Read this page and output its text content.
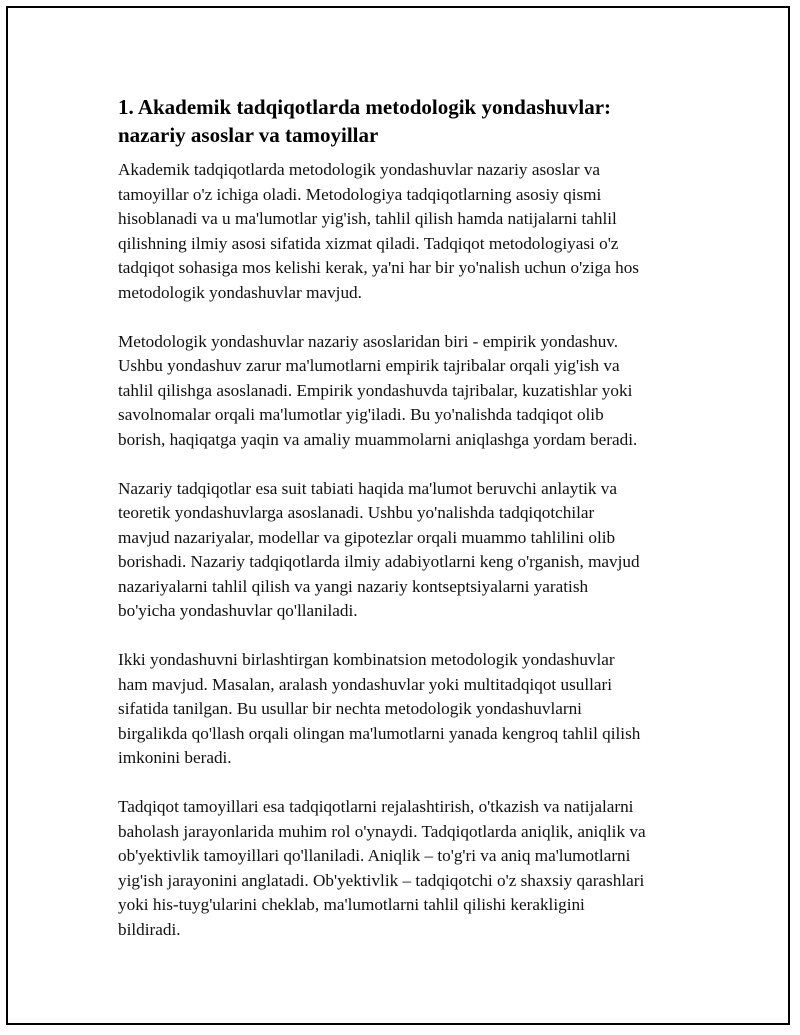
1. Akademik tadqiqotlarda metodologik yondashuvlar:
nazariy asoslar va tamoyillar

Akademik tadqiqotlarda metodologik yondashuvlar nazariy asoslar va
tamoyillar o'z ichiga oladi. Metodologiya tadqiqotlarning asosiy qismi
hisoblanadi va u ma'lumotlar yig'ish, tahlil qilish hamda natijalarni tahlil
qilishning ilmiy asosi sifatida xizmat qiladi. Tadqiqot metodologiyasi o'z
tadqiqot sohasiga mos kelishi kerak, ya'ni har bir yo'nalish uchun o'ziga hos
metodologik yondashuvlar mavjud.

Metodologik yondashuvlar nazariy asoslaridan biri - empirik yondashuv.
Ushbu yondashuv zarur ma'lumotlarni empirik tajribalar orqali yig'ish va
tahlil qilishga asoslanadi. Empirik yondashuvda tajribalar, kuzatishlar yoki
savolnomalar orqali ma'lumotlar yig'iladi. Bu yo'nalishda tadqiqot olib
borish, haqiqatga yaqin va amaliy muammolarni aniqlashga yordam beradi.

Nazariy tadqiqotlar esa suit tabiati haqida ma'lumot beruvchi anlaytik va
teoretik yondashuvlarga asoslanadi. Ushbu yo'nalishda tadqiqotchilar
mavjud nazariyalar, modellar va gipotezlar orqali muammo tahlilini olib
borishadi. Nazariy tadqiqotlarda ilmiy adabiyotlarni keng o'rganish, mavjud
nazariyalarni tahlil qilish va yangi nazariy kontseptsiyalarni yaratish
bo'yicha yondashuvlar qo'llaniladi.

Ikki yondashuvni birlashtirgan kombinatsion metodologik yondashuvlar
ham mavjud. Masalan, aralash yondashuvlar yoki multitadqiqot usullari
sifatida tanilgan. Bu usullar bir nechta metodologik yondashuvlarni
birgalikda qo'llash orqali olingan ma'lumotlarni yanada kengroq tahlil qilish
imkonini beradi.

Tadqiqot tamoyillari esa tadqiqotlarni rejalashtirish, o'tkazish va natijalarni
baholash jarayonlarida muhim rol o'ynaydi. Tadqiqotlarda aniqlik, aniqlik va
ob'yektivlik tamoyillari qo'llaniladi. Aniqlik – to'g'ri va aniq ma'lumotlarni
yig'ish jarayonini anglatadi. Ob'yektivlik – tadqiqotchi o'z shaxsiy qarashlari
yoki his-tuyg'ularini cheklab, ma'lumotlarni tahlil qilishi kerakligini
bildiradi.
